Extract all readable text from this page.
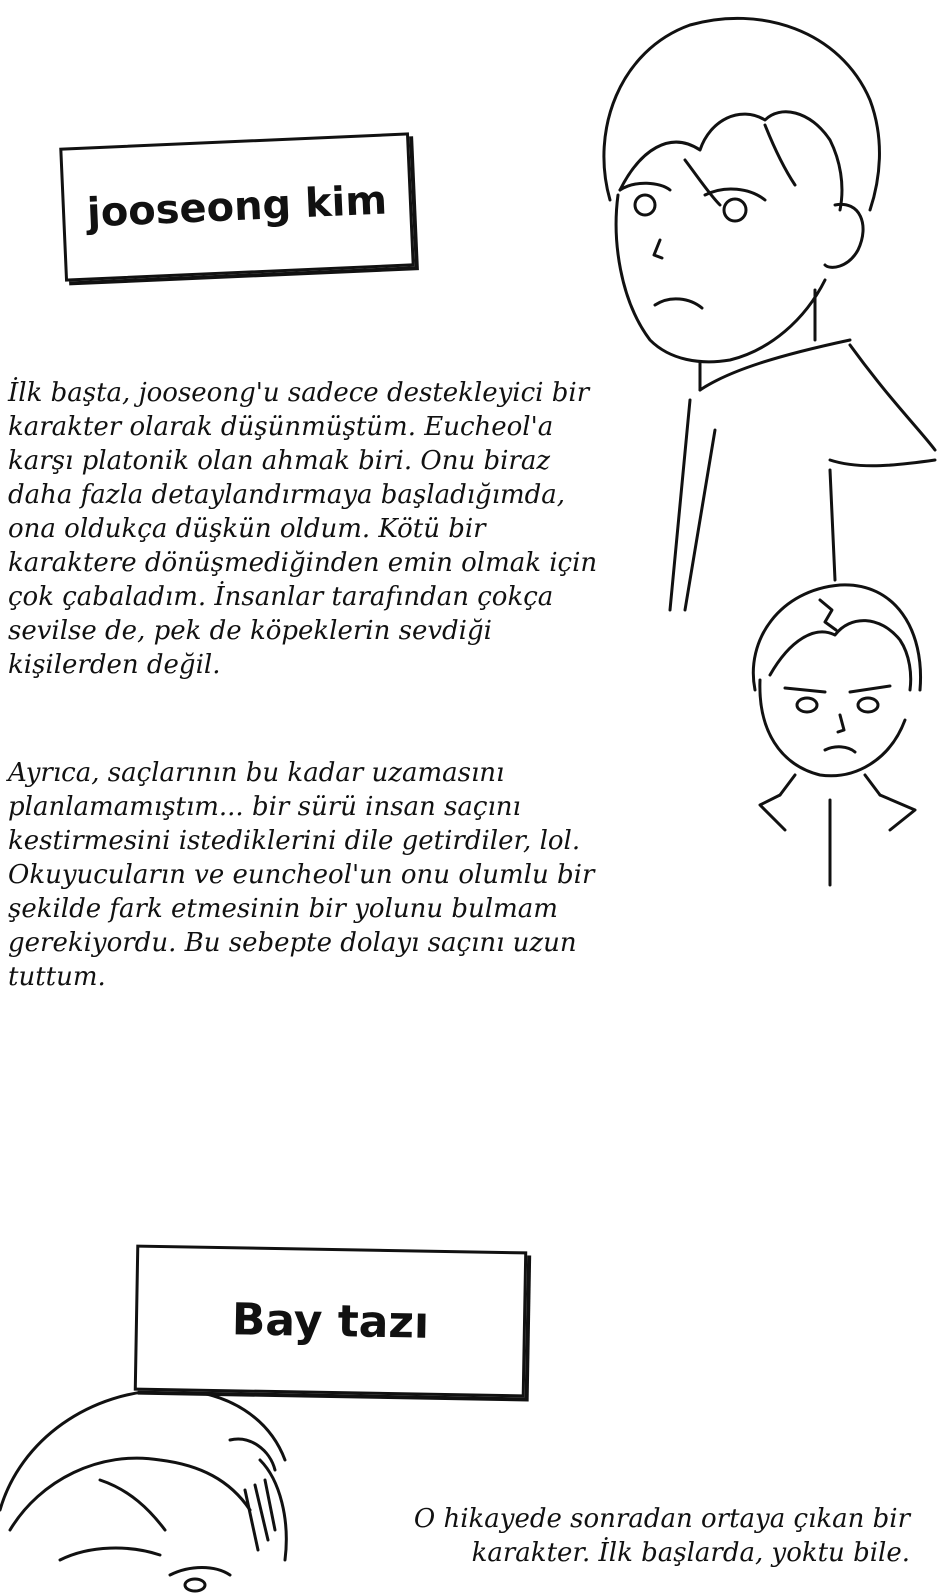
jooseong kim

İlk başta, jooseong'u sadece destekleyici bir
karakter olarak düşünmüştüm. Eucheol'a
karşı platonik olan ahmak biri. Onu biraz
daha fazla detaylandırmaya başladığımda,
ona oldukça düşkün oldum. Kötü bir
karaktere dönüşmediğinden emin olmak için
çok çabaladım. İnsanlar tarafından çokça
sevilse de, pek de köpeklerin sevdiği
kişilerden değil.

Ayrıca, saçlarının bu kadar uzamasını
planlamamıştım... bir sürü insan saçını
kestirmesini istediklerini dile getirdiler, lol.
Okuyucuların ve euncheol'un onu olumlu bir
şekilde fark etmesinin bir yolunu bulmam
gerekiyordu. Bu sebepte dolayı saçını uzun
tuttum.

Bay tazı

O hikayede sonradan ortaya çıkan bir
karakter. İlk başlarda, yoktu bile.
